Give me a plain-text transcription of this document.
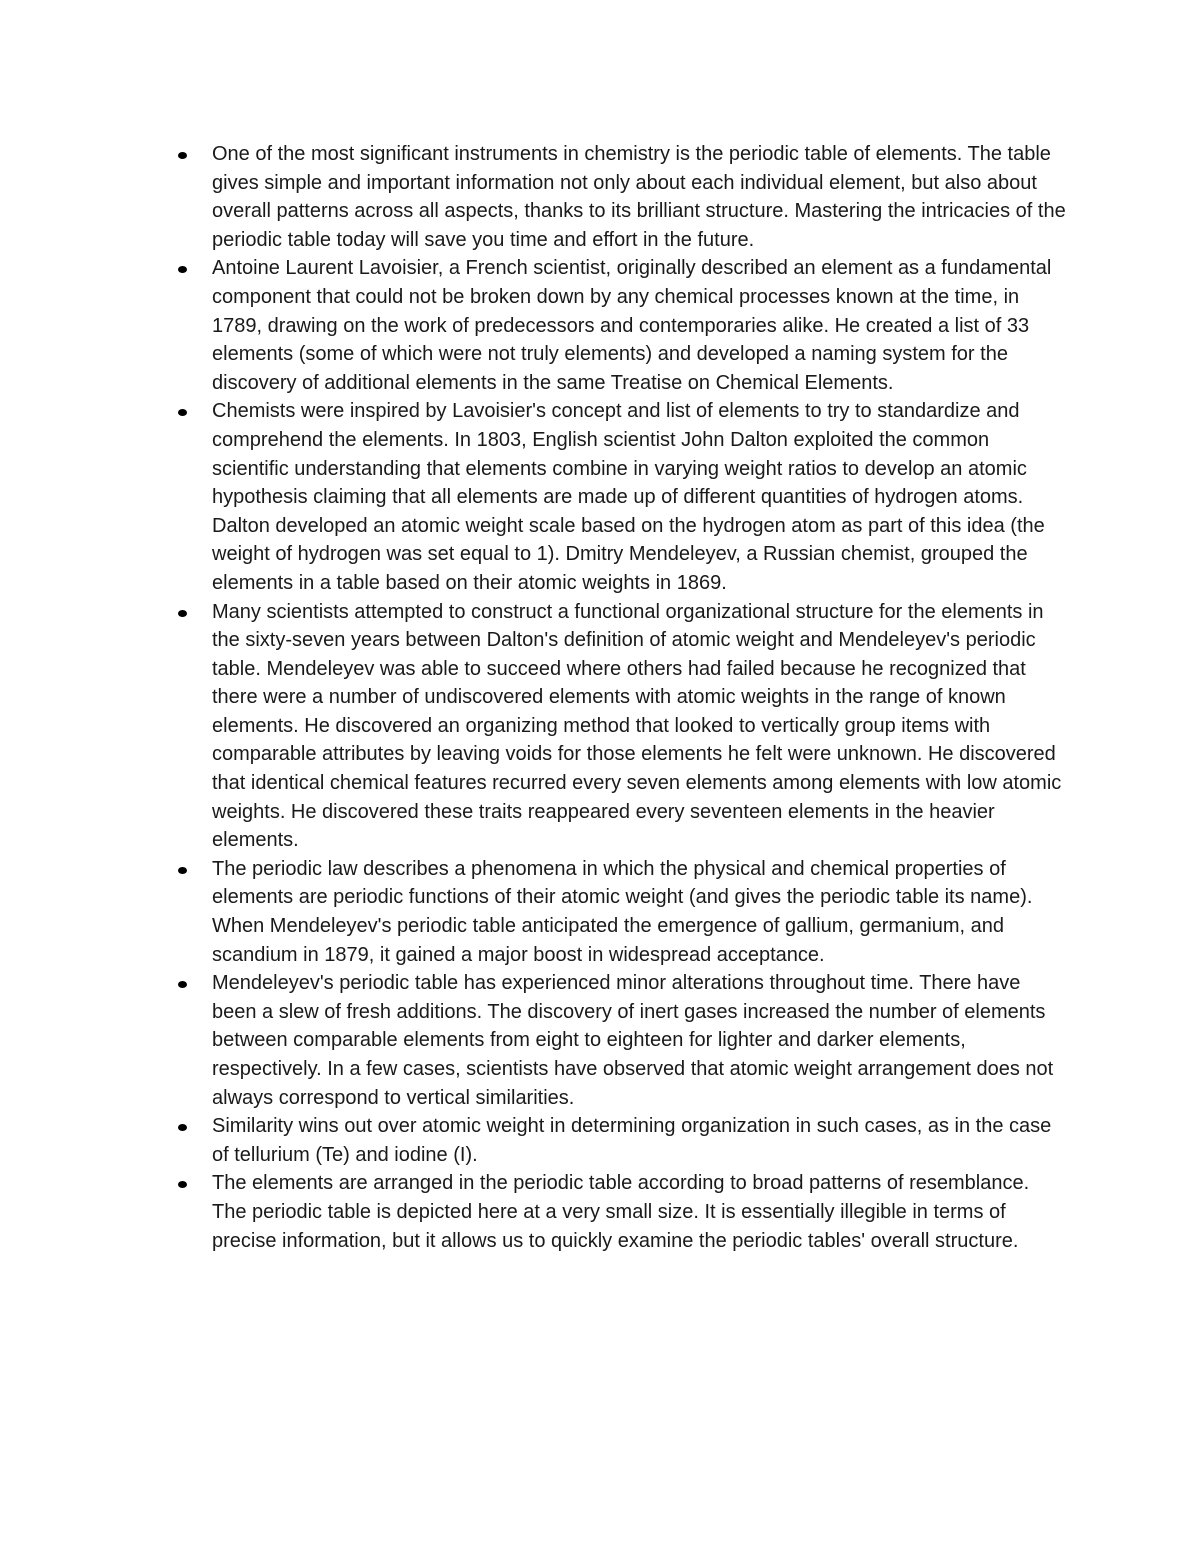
One of the most significant instruments in chemistry is the periodic table of elements. The table gives simple and important information not only about each individual element, but also about overall patterns across all aspects, thanks to its brilliant structure. Mastering the intricacies of the periodic table today will save you time and effort in the future.
Antoine Laurent Lavoisier, a French scientist, originally described an element as a fundamental component that could not be broken down by any chemical processes known at the time, in 1789, drawing on the work of predecessors and contemporaries alike. He created a list of 33 elements (some of which were not truly elements) and developed a naming system for the discovery of additional elements in the same Treatise on Chemical Elements.
Chemists were inspired by Lavoisier's concept and list of elements to try to standardize and comprehend the elements. In 1803, English scientist John Dalton exploited the common scientific understanding that elements combine in varying weight ratios to develop an atomic hypothesis claiming that all elements are made up of different quantities of hydrogen atoms. Dalton developed an atomic weight scale based on the hydrogen atom as part of this idea (the weight of hydrogen was set equal to 1). Dmitry Mendeleyev, a Russian chemist, grouped the elements in a table based on their atomic weights in 1869.
Many scientists attempted to construct a functional organizational structure for the elements in the sixty-seven years between Dalton's definition of atomic weight and Mendeleyev's periodic table. Mendeleyev was able to succeed where others had failed because he recognized that there were a number of undiscovered elements with atomic weights in the range of known elements. He discovered an organizing method that looked to vertically group items with comparable attributes by leaving voids for those elements he felt were unknown. He discovered that identical chemical features recurred every seven elements among elements with low atomic weights. He discovered these traits reappeared every seventeen elements in the heavier elements.
The periodic law describes a phenomena in which the physical and chemical properties of elements are periodic functions of their atomic weight (and gives the periodic table its name). When Mendeleyev's periodic table anticipated the emergence of gallium, germanium, and scandium in 1879, it gained a major boost in widespread acceptance.
Mendeleyev's periodic table has experienced minor alterations throughout time. There have been a slew of fresh additions. The discovery of inert gases increased the number of elements between comparable elements from eight to eighteen for lighter and darker elements, respectively. In a few cases, scientists have observed that atomic weight arrangement does not always correspond to vertical similarities.
Similarity wins out over atomic weight in determining organization in such cases, as in the case of tellurium (Te) and iodine (I).
The elements are arranged in the periodic table according to broad patterns of resemblance. The periodic table is depicted here at a very small size. It is essentially illegible in terms of precise information, but it allows us to quickly examine the periodic tables' overall structure.
